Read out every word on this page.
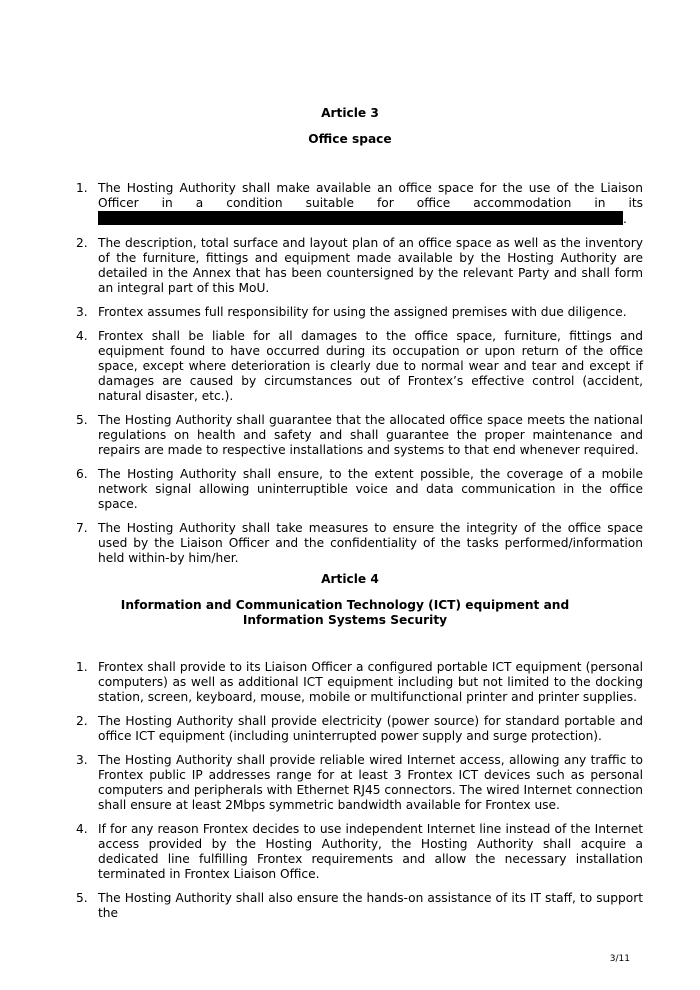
Article 3
Office space
1. The Hosting Authority shall make available an office space for the use of the Liaison Officer in a condition suitable for office accommodation in its .
2. The description, total surface and layout plan of an office space as well as the inventory of the furniture, fittings and equipment made available by the Hosting Authority are detailed in the Annex that has been countersigned by the relevant Party and shall form an integral part of this MoU.
3. Frontex assumes full responsibility for using the assigned premises with due diligence.
4. Frontex shall be liable for all damages to the office space, furniture, fittings and equipment found to have occurred during its occupation or upon return of the office space, except where deterioration is clearly due to normal wear and tear and except if damages are caused by circumstances out of Frontex’s effective control (accident, natural disaster, etc.).
5. The Hosting Authority shall guarantee that the allocated office space meets the national regulations on health and safety and shall guarantee the proper maintenance and repairs are made to respective installations and systems to that end whenever required.
6. The Hosting Authority shall ensure, to the extent possible, the coverage of a mobile network signal allowing uninterruptible voice and data communication in the office space.
7. The Hosting Authority shall take measures to ensure the integrity of the office space used by the Liaison Officer and the confidentiality of the tasks performed/information held within-by him/her.
Article 4
Information and Communication Technology (ICT) equipment and Information Systems Security
1. Frontex shall provide to its Liaison Officer a configured portable ICT equipment (personal computers) as well as additional ICT equipment including but not limited to the docking station, screen, keyboard, mouse, mobile or multifunctional printer and printer supplies.
2. The Hosting Authority shall provide electricity (power source) for standard portable and office ICT equipment (including uninterrupted power supply and surge protection).
3. The Hosting Authority shall provide reliable wired Internet access, allowing any traffic to Frontex public IP addresses range for at least 3 Frontex ICT devices such as personal computers and peripherals with Ethernet RJ45 connectors. The wired Internet connection shall ensure at least 2Mbps symmetric bandwidth available for Frontex use.
4. If for any reason Frontex decides to use independent Internet line instead of the Internet access provided by the Hosting Authority, the Hosting Authority shall acquire a dedicated line fulfilling Frontex requirements and allow the necessary installation terminated in Frontex Liaison Office.
5. The Hosting Authority shall also ensure the hands-on assistance of its IT staff, to support the
3/11
